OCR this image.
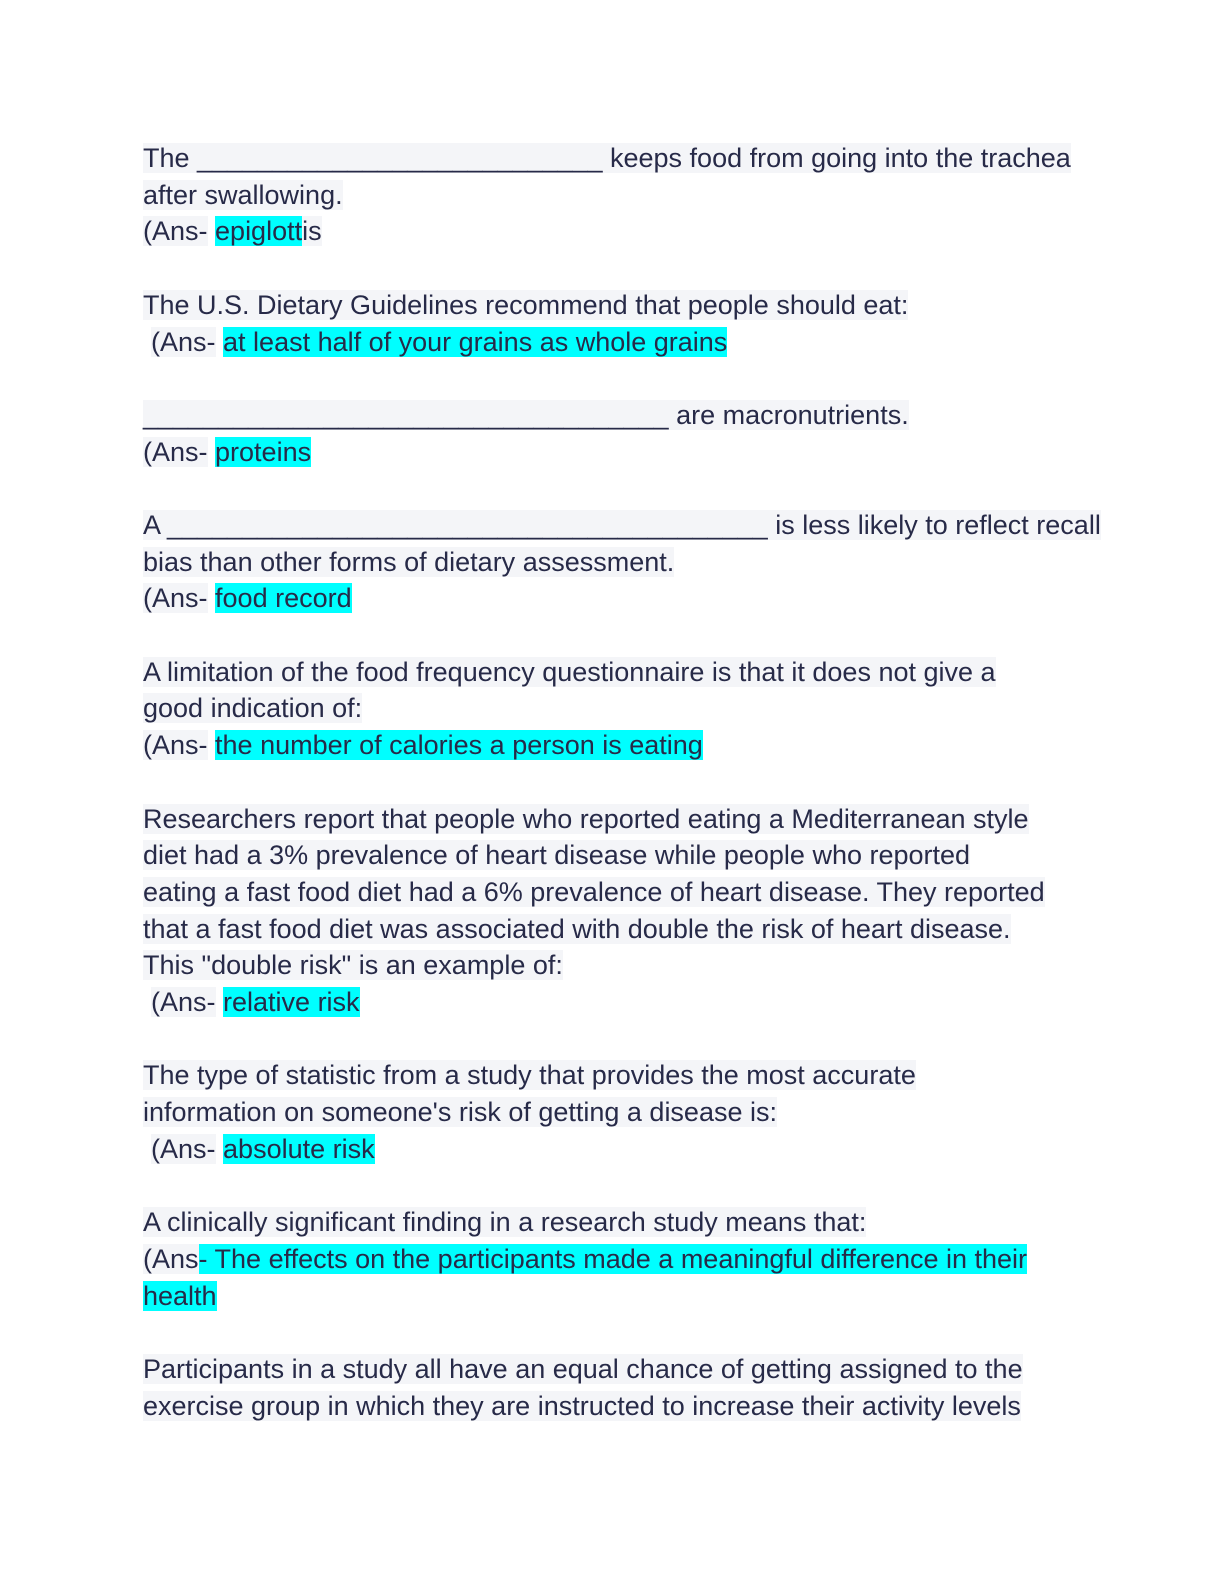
The ___________________________ keeps food from going into the trachea
after swallowing.
(Ans- epiglottis
The U.S. Dietary Guidelines recommend that people should eat:
(Ans- at least half of your grains as whole grains
___________________________________ are macronutrients.
(Ans- proteins
A ________________________________________ is less likely to reflect recall
bias than other forms of dietary assessment.
(Ans- food record
A limitation of the food frequency questionnaire is that it does not give a
good indication of:
(Ans- the number of calories a person is eating
Researchers report that people who reported eating a Mediterranean style
diet had a 3% prevalence of heart disease while people who reported
eating a fast food diet had a 6% prevalence of heart disease. They reported
that a fast food diet was associated with double the risk of heart disease.
This "double risk" is an example of:
(Ans- relative risk
The type of statistic from a study that provides the most accurate
information on someone's risk of getting a disease is:
(Ans- absolute risk
A clinically significant finding in a research study means that:
(Ans- The effects on the participants made a meaningful difference in their
health
Participants in a study all have an equal chance of getting assigned to the
exercise group in which they are instructed to increase their activity levels
